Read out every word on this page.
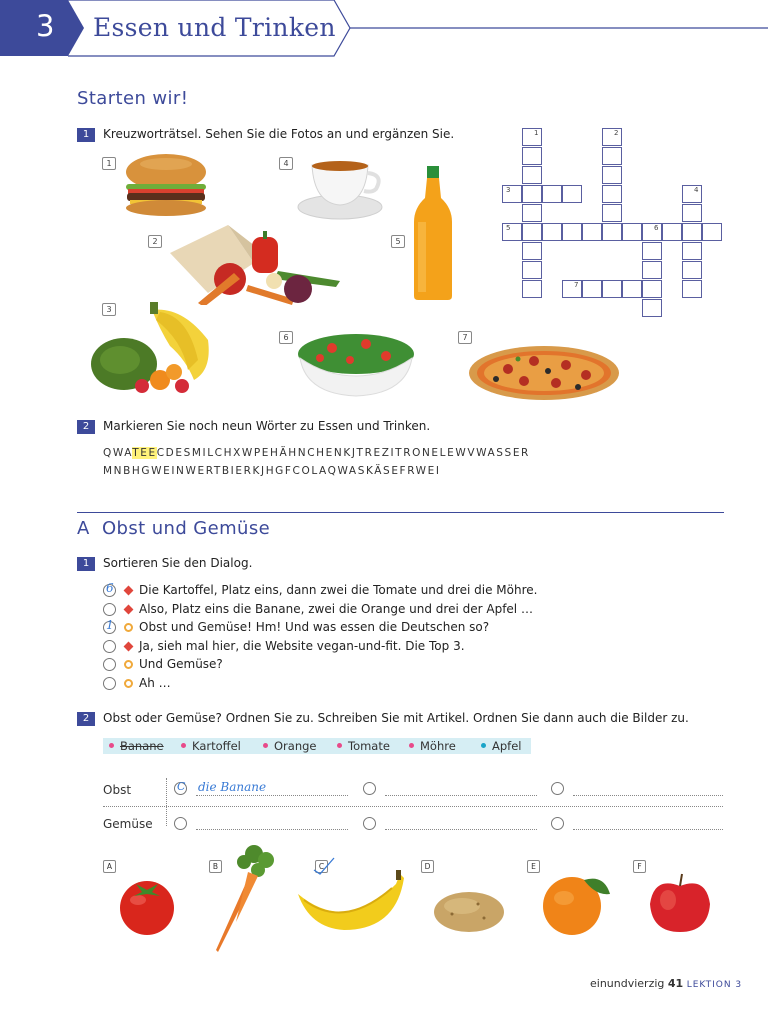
3 Essen und Trinken
Starten wir!
1	Kreuzworträtsel. Sehen Sie die Fotos an und ergänzen Sie.
1
2
3
4
5
6	7
1	2
3	4
5	6
7
2	Markieren Sie noch neun Wörter zu Essen und Trinken.
QWATEECDESMILCHXWPEHÄHNCHENKJTREZITRONELEWVWASSER
MNBHGWEINWERTBIERKJHGFCOLAQWASKÄSEFRWEI
A Obst und Gemüse
1	Sortieren Sie den Dialog.
6 Die Kartoffel, Platz eins, dann zwei die Tomate und drei die Möhre.
Also, Platz eins die Banane, zwei die Orange und drei der Apfel …
1 Obst und Gemüse! Hm! Und was essen die Deutschen so?
Ja, sieh mal hier, die Website vegan-und-fit. Die Top 3.
Und Gemüse?
Ah …
2	Obst oder Gemüse? Ordnen Sie zu. Schreiben Sie mit Artikel. Ordnen Sie dann auch die Bilder zu.
Banane	Kartoffel	Orange	Tomate	Möhre	Apfel
Obst
Gemüse
C die Banane
A	B	C	D	E	F
einundvierzig 41 LEKTION 3
